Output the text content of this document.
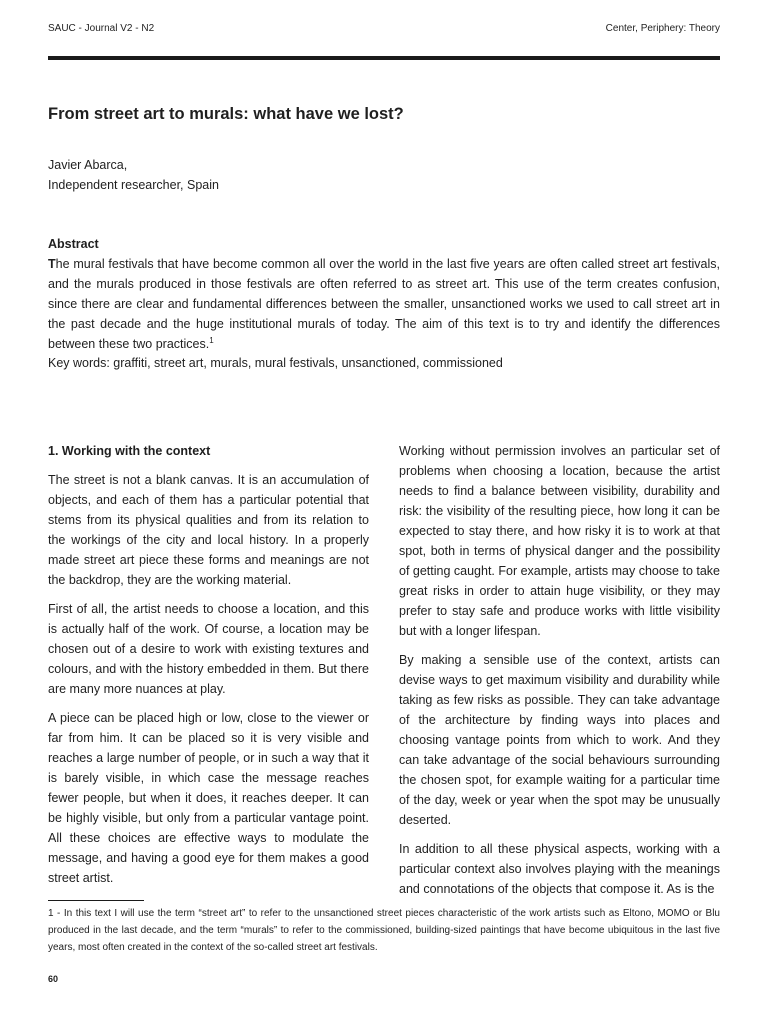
SAUC - Journal V2 - N2	Center, Periphery: Theory
From street art to murals: what have we lost?
Javier Abarca,
Independent researcher, Spain
Abstract

The mural festivals that have become common all over the world in the last five years are often called street art festivals, and the murals produced in those festivals are often referred to as street art. This use of the term creates confusion, since there are clear and fundamental differences between the smaller, unsanctioned works we used to call street art in the past decade and the huge institutional murals of today. The aim of this text is to try and identify the differences between these two practices.$^1$

Key words: graffiti, street art, murals, mural festivals, unsanctioned, commissioned
1. Working with the context

The street is not a blank canvas. It is an accumulation of objects, and each of them has a particular potential that stems from its physical qualities and from its relation to the workings of the city and local history. In a properly made street art piece these forms and meanings are not the backdrop, they are the working material.

First of all, the artist needs to choose a location, and this is actually half of the work. Of course, a location may be chosen out of a desire to work with existing textures and colours, and with the history embedded in them. But there are many more nuances at play.

A piece can be placed high or low, close to the viewer or far from him. It can be placed so it is very visible and reaches a large number of people, or in such a way that it is barely visible, in which case the message reaches fewer people, but when it does, it reaches deeper. It can be highly visible, but only from a particular vantage point. All these choices are effective ways to modulate the message, and having a good eye for them makes a good street artist.

Working without permission involves an particular set of problems when choosing a location, because the artist needs to find a balance between visibility, durability and risk: the visibility of the resulting piece, how long it can be expected to stay there, and how risky it is to work at that spot, both in terms of physical danger and the possibility of getting caught. For example, artists may choose to take great risks in order to attain huge visibility, or they may prefer to stay safe and produce works with little visibility but with a longer lifespan.

By making a sensible use of the context, artists can devise ways to get maximum visibility and durability while taking as few risks as possible. They can take advantage of the architecture by finding ways into places and choosing vantage points from which to work. And they can take advantage of the social behaviours surrounding the chosen spot, for example waiting for a particular time of the day, week or year when the spot may be unusually deserted.

In addition to all these physical aspects, working with a particular context also involves playing with the meanings and connotations of the objects that compose it. As is the

1 - In this text I will use the term “street art” to refer to the unsanctioned street pieces characteristic of the work artists such as Eltono, MOMO or Blu produced in the last decade, and the term “murals” to refer to the commissioned, building-sized paintings that have become ubiquitous in the last five years, most often created in the context of the so-called street art festivals.

60
